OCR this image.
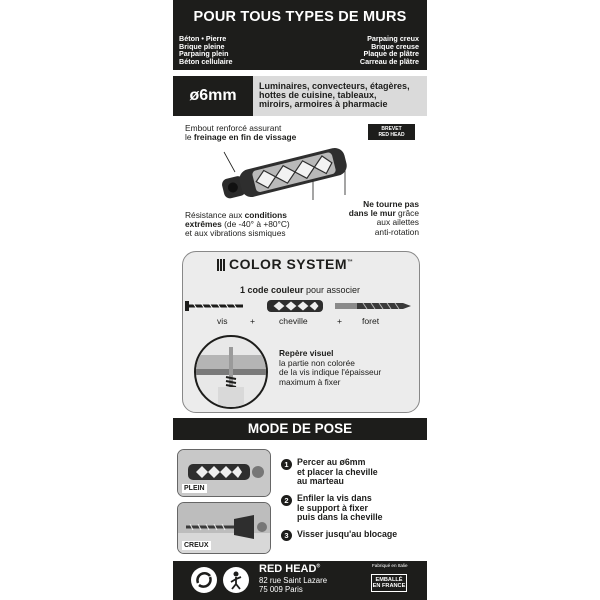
POUR TOUS TYPES DE MURS
Béton • Pierre
Brique pleine
Parpaing plein
Béton cellulaire
Parpaing creux
Brique creuse
Plaque de plâtre
Carreau de plâtre
ø6mm
Luminaires, convecteurs, étagères,
hottes de cuisine, tableaux,
miroirs, armoires à pharmacie
Embout renforcé assurant
le freinage en fin de vissage
BREVET
RED HEAD
Résistance aux conditions
extrêmes (de -40° à +80°C)
et aux vibrations sismiques
Ne tourne pas
dans le mur grâce
aux ailettes
anti-rotation
COLOR SYSTEM™
1 code couleur pour associer
vis	+	cheville	+ foret
Repère visuel
la partie non colorée
de la vis indique l'épaisseur
maximum à fixer
MODE DE POSE
PLEIN
CREUX
1 Percer au ø6mm
et placer la cheville
au marteau
2 Enfiler la vis dans
le support à fixer
puis dans la cheville
3 Visser jusqu'au blocage
RED HEAD®
82 rue Saint Lazare
75 009 Paris
Fabriqué en Italie
EMBALLÉ
EN FRANCE
